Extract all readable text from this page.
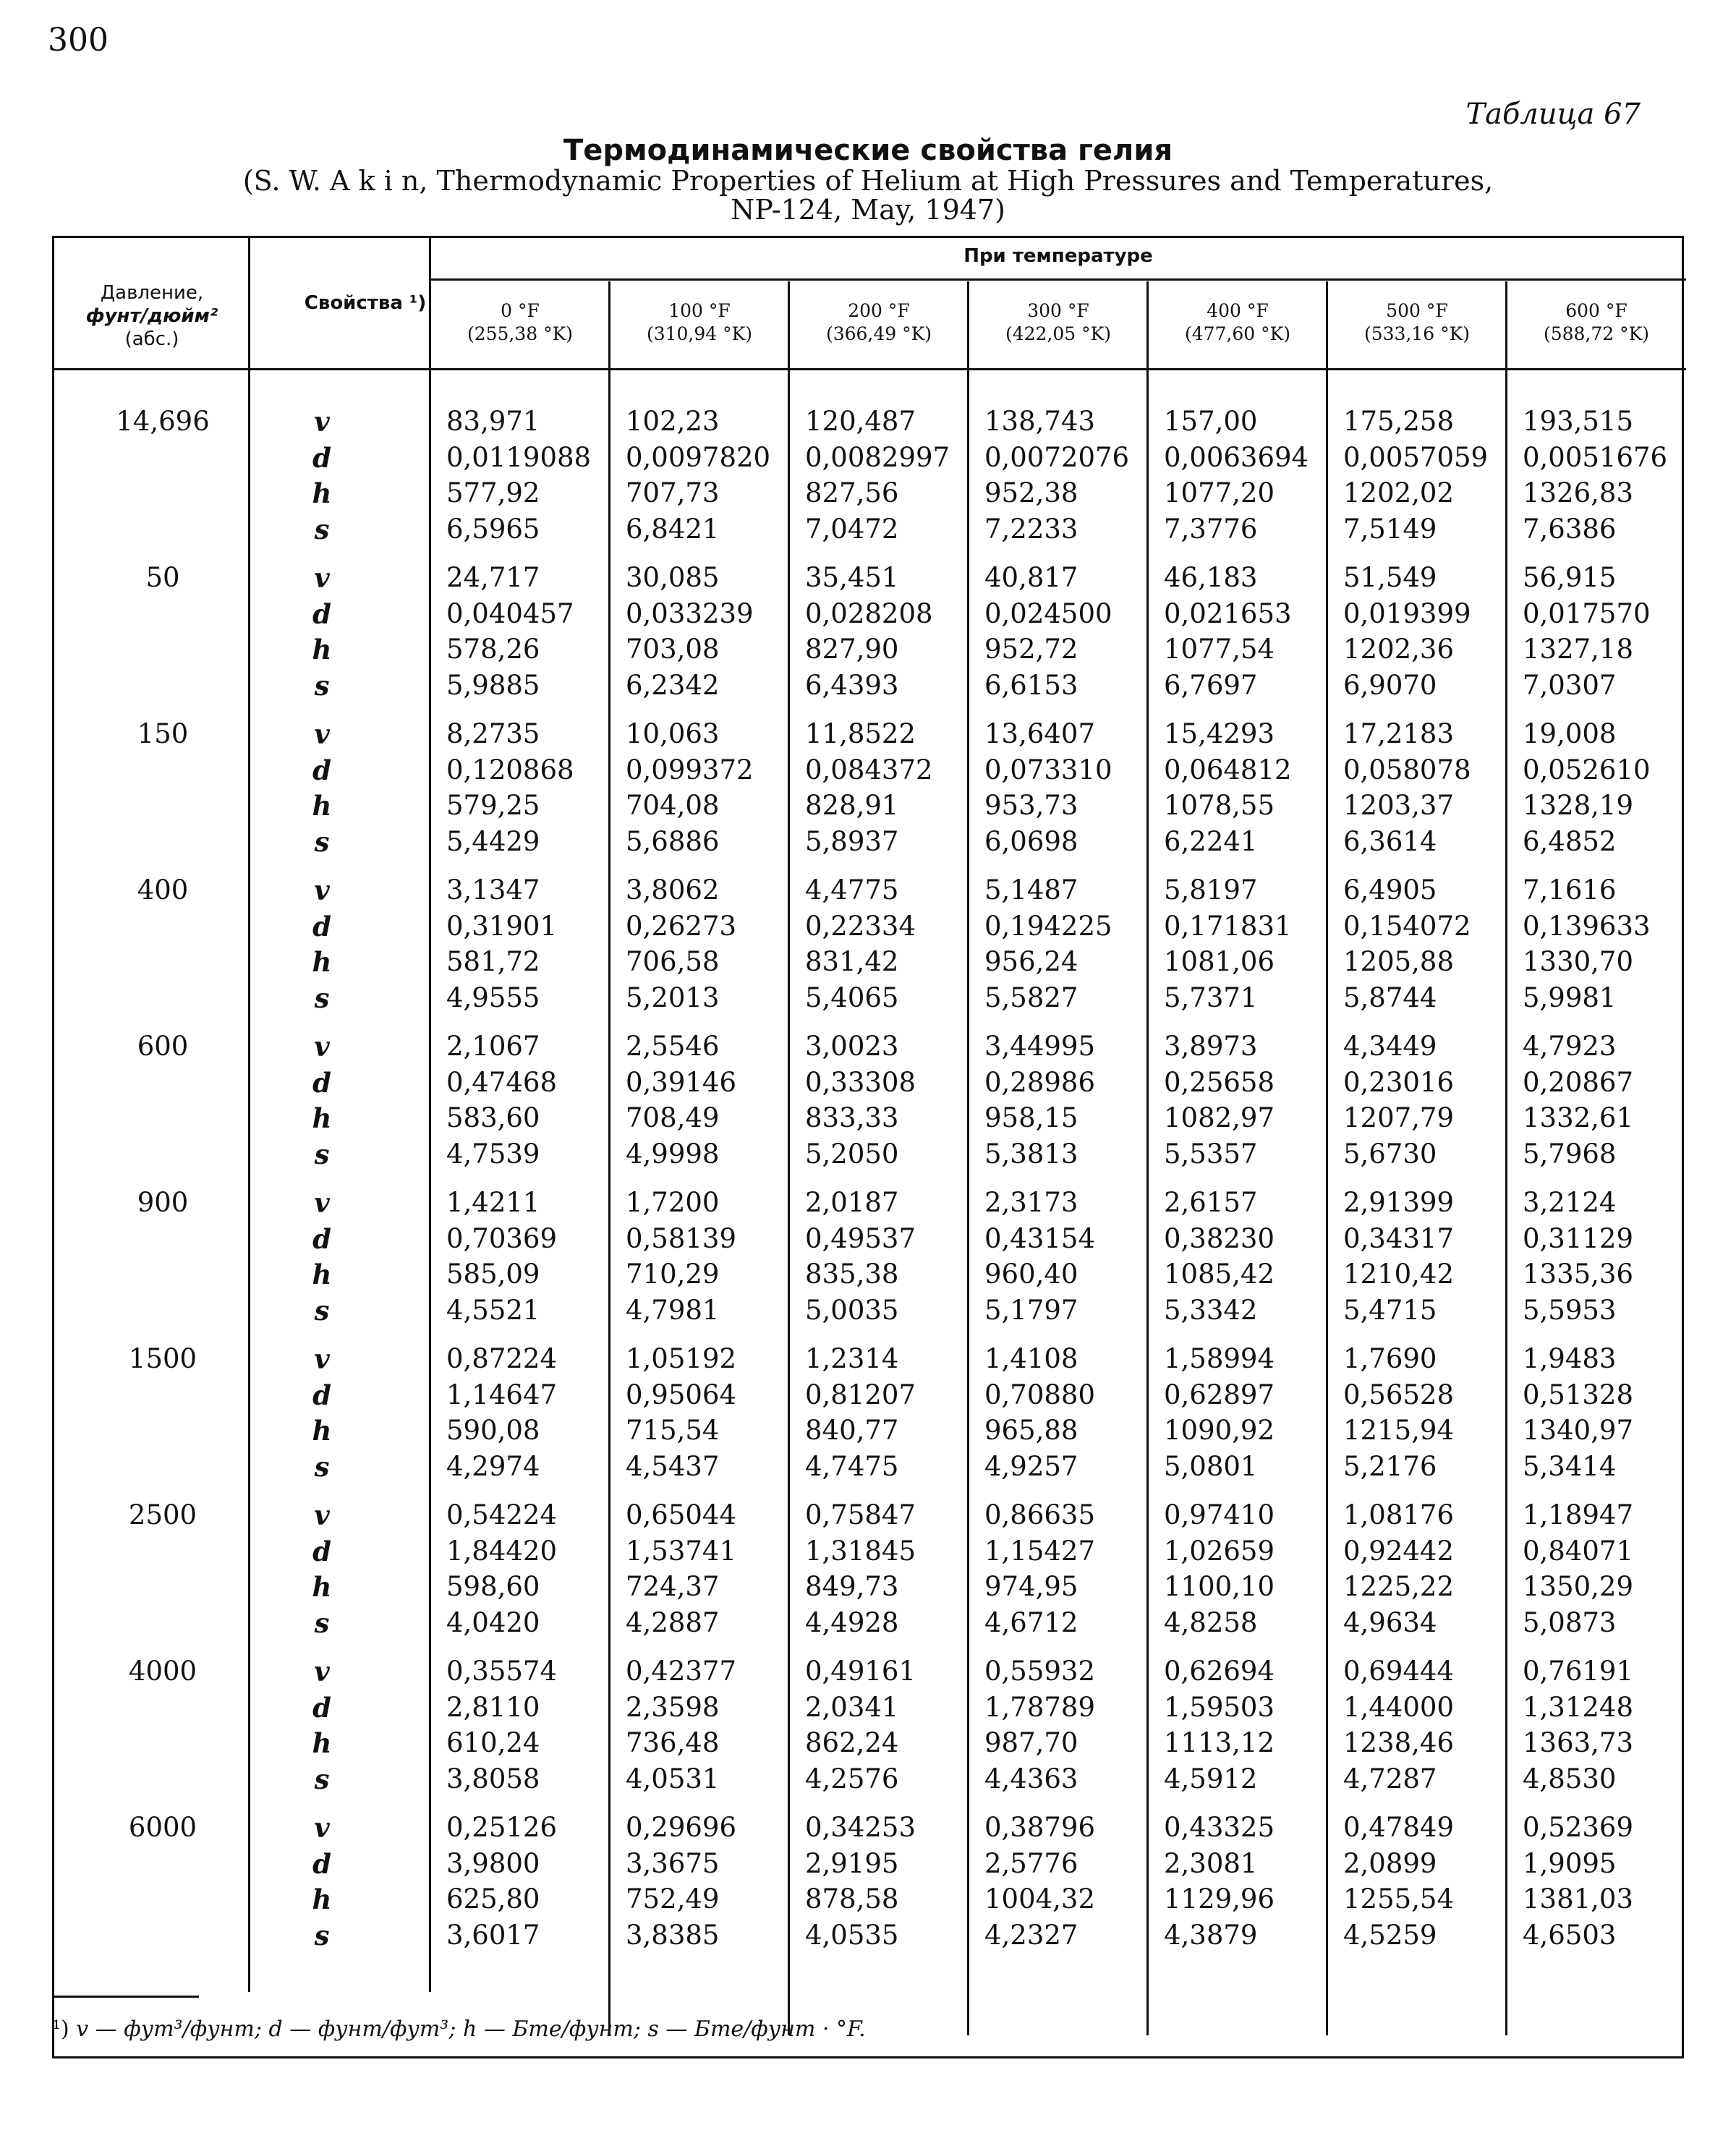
300
Таблица 67
Термодинамические свойства гелия
(S. W. A k i n, Thermodynamic Properties of Helium at High Pressures and Temperatures,
NP-124, May, 1947)
Давление,
фунт/дюйм²
(абс.)
Свойства ¹)
При температуре
0 °F
(255,38 °K)
100 °F
(310,94 °K)
200 °F
(366,49 °K)
300 °F
(422,05 °K)
400 °F
(477,60 °K)
500 °F
(533,16 °K)
600 °F
(588,72 °K)
14,696	v	83,971	102,23	120,487	138,743	157,00	175,258	193,515
d	0,0119088 0,0097820 0,0082997 0,0072076 0,0063694 0,0057059 0,0051676
h	577,92	707,73	827,56	952,38	1077,20	1202,02	1326,83
s	6,5965	6,8421	7,0472	7,2233	7,3776	7,5149	7,6386
50	v	24,717	30,085	35,451	40,817	46,183	51,549	56,915
d	0,040457 0,033239 0,028208 0,024500 0,021653 0,019399 0,017570
h	578,26	703,08	827,90	952,72	1077,54	1202,36	1327,18
s	5,9885	6,2342	6,4393	6,6153	6,7697	6,9070	7,0307
150	v	8,2735	10,063	11,8522	13,6407	15,4293	17,2183	19,008
d	0,120868 0,099372 0,084372 0,073310 0,064812 0,058078 0,052610
h	579,25	704,08	828,91	953,73	1078,55	1203,37	1328,19
s	5,4429	5,6886	5,8937	6,0698	6,2241	6,3614	6,4852
400	v	3,1347	3,8062	4,4775	5,1487	5,8197	6,4905	7,1616
d	0,31901	0,26273	0,22334	0,194225 0,171831 0,154072 0,139633
h	581,72	706,58	831,42	956,24	1081,06	1205,88	1330,70
s	4,9555	5,2013	5,4065	5,5827	5,7371	5,8744	5,9981
600	v	2,1067	2,5546	3,0023	3,44995	3,8973	4,3449	4,7923
d	0,47468	0,39146	0,33308	0,28986	0,25658	0,23016	0,20867
h	583,60	708,49	833,33	958,15	1082,97	1207,79	1332,61
s	4,7539	4,9998	5,2050	5,3813	5,5357	5,6730	5,7968
900	v	1,4211	1,7200	2,0187	2,3173	2,6157	2,91399	3,2124
d	0,70369	0,58139	0,49537	0,43154	0,38230	0,34317	0,31129
h	585,09	710,29	835,38	960,40	1085,42	1210,42	1335,36
s	4,5521	4,7981	5,0035	5,1797	5,3342	5,4715	5,5953
1500	v	0,87224	1,05192	1,2314	1,4108	1,58994	1,7690	1,9483
d	1,14647	0,95064	0,81207	0,70880	0,62897	0,56528	0,51328
h	590,08	715,54	840,77	965,88	1090,92	1215,94	1340,97
s	4,2974	4,5437	4,7475	4,9257	5,0801	5,2176	5,3414
2500	v	0,54224	0,65044	0,75847	0,86635	0,97410	1,08176	1,18947
d	1,84420	1,53741	1,31845	1,15427	1,02659	0,92442	0,84071
h	598,60	724,37	849,73	974,95	1100,10	1225,22	1350,29
s	4,0420	4,2887	4,4928	4,6712	4,8258	4,9634	5,0873
4000	v	0,35574	0,42377	0,49161	0,55932	0,62694	0,69444	0,76191
d	2,8110	2,3598	2,0341	1,78789	1,59503	1,44000	1,31248
h	610,24	736,48	862,24	987,70	1113,12	1238,46	1363,73
s	3,8058	4,0531	4,2576	4,4363	4,5912	4,7287	4,8530
6000	v	0,25126	0,29696	0,34253	0,38796	0,43325	0,47849	0,52369
d	3,9800	3,3675	2,9195	2,5776	2,3081	2,0899	1,9095
h	625,80	752,49	878,58	1004,32	1129,96	1255,54	1381,03
s	3,6017	3,8385	4,0535	4,2327	4,3879	4,5259	4,6503
¹) v — фут³/фунт; d — фунт/фут³; h — Бте/фунт; s — Бте/фунт · °F.
